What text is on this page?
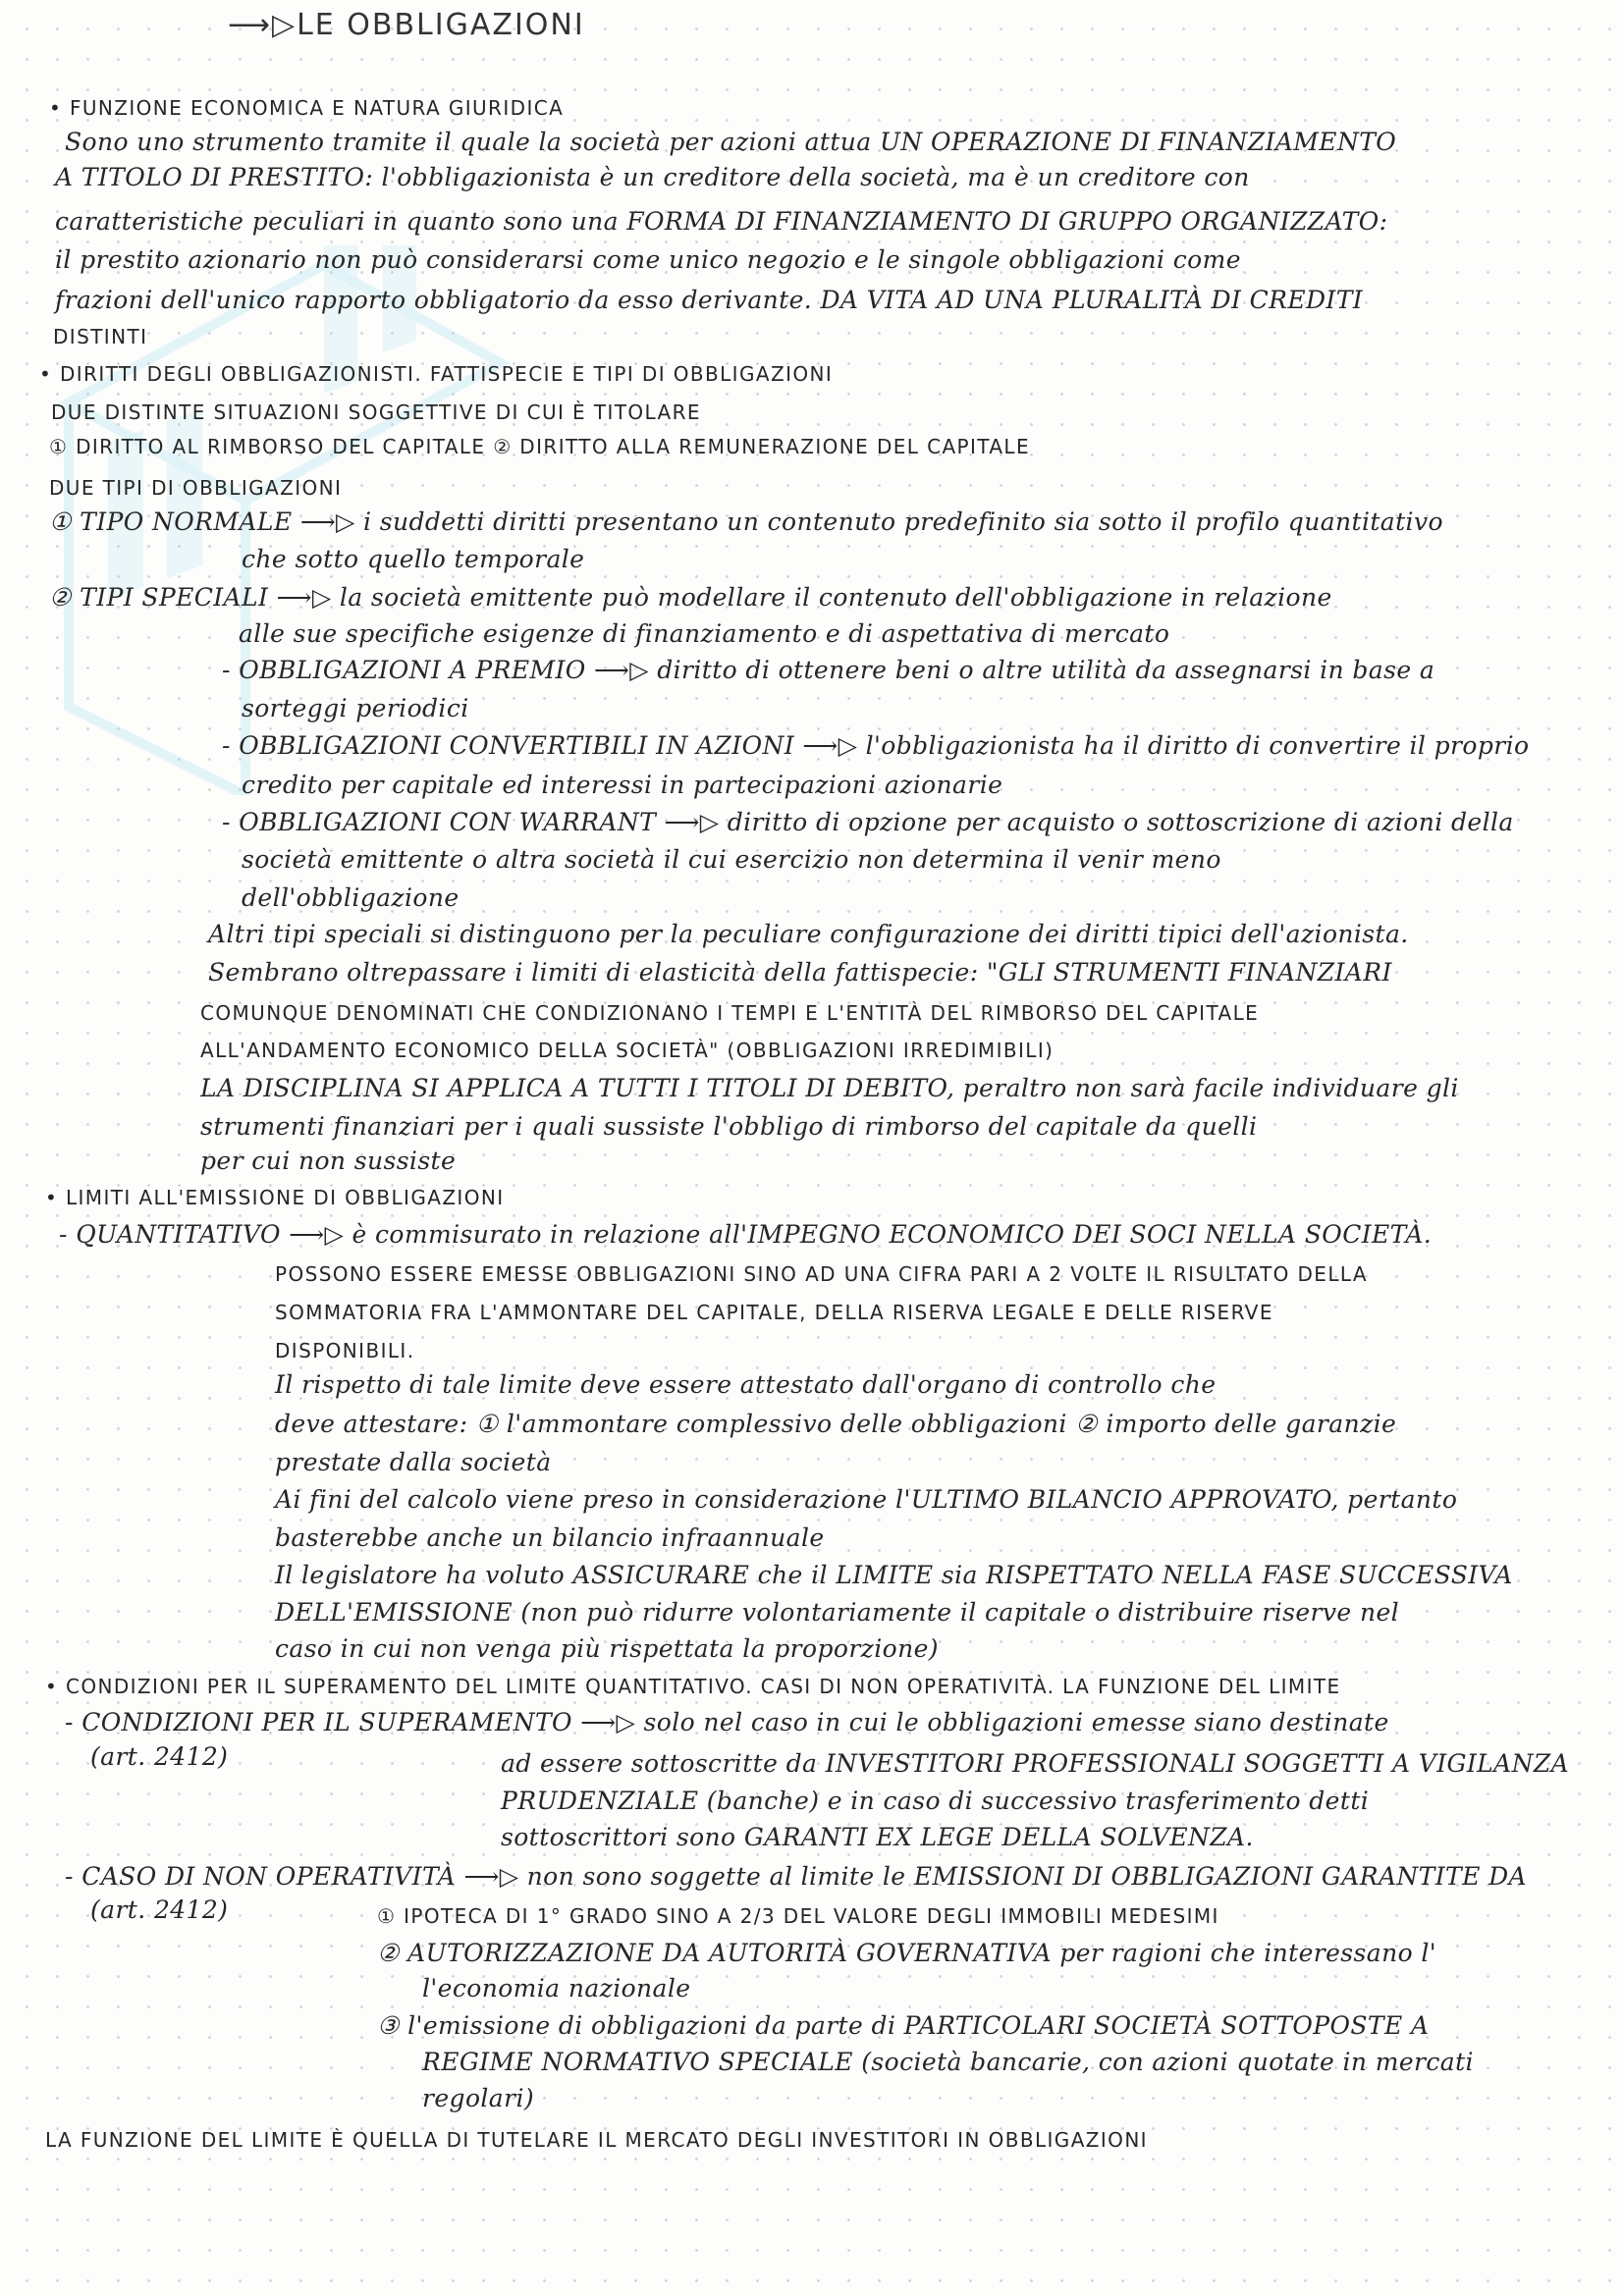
⟶▷LE OBBLIGAZIONI
• FUNZIONE ECONOMICA E NATURA GIURIDICA
Sono uno strumento tramite il quale la società per azioni attua UN OPERAZIONE DI FINANZIAMENTO
A TITOLO DI PRESTITO: l'obbligazionista è un creditore della società, ma è un creditore con
caratteristiche peculiari in quanto sono una FORMA DI FINANZIAMENTO DI GRUPPO ORGANIZZATO:
il prestito azionario non può considerarsi come unico negozio e le singole obbligazioni come
frazioni dell'unico rapporto obbligatorio da esso derivante. DA VITA AD UNA PLURALITÀ DI CREDITI
DISTINTI
• DIRITTI DEGLI OBBLIGAZIONISTI. FATTISPECIE E TIPI DI OBBLIGAZIONI
DUE DISTINTE SITUAZIONI SOGGETTIVE DI CUI È TITOLARE
① DIRITTO AL RIMBORSO DEL CAPITALE ② DIRITTO ALLA REMUNERAZIONE DEL CAPITALE
DUE TIPI DI OBBLIGAZIONI
① TIPO NORMALE ⟶▷ i suddetti diritti presentano un contenuto predefinito sia sotto il profilo quantitativo
che sotto quello temporale
② TIPI SPECIALI ⟶▷ la società emittente può modellare il contenuto dell'obbligazione in relazione
alle sue specifiche esigenze di finanziamento e di aspettativa di mercato
- OBBLIGAZIONI A PREMIO ⟶▷ diritto di ottenere beni o altre utilità da assegnarsi in base a
sorteggi periodici
- OBBLIGAZIONI CONVERTIBILI IN AZIONI ⟶▷ l'obbligazionista ha il diritto di convertire il proprio
credito per capitale ed interessi in partecipazioni azionarie
- OBBLIGAZIONI CON WARRANT ⟶▷ diritto di opzione per acquisto o sottoscrizione di azioni della
società emittente o altra società il cui esercizio non determina il venir meno
dell'obbligazione
Altri tipi speciali si distinguono per la peculiare configurazione dei diritti tipici dell'azionista.
Sembrano oltrepassare i limiti di elasticità della fattispecie: "GLI STRUMENTI FINANZIARI
COMUNQUE DENOMINATI CHE CONDIZIONANO I TEMPI E L'ENTITÀ DEL RIMBORSO DEL CAPITALE
ALL'ANDAMENTO ECONOMICO DELLA SOCIETÀ" (OBBLIGAZIONI IRREDIMIBILI)
LA DISCIPLINA SI APPLICA A TUTTI I TITOLI DI DEBITO, peraltro non sarà facile individuare gli
strumenti finanziari per i quali sussiste l'obbligo di rimborso del capitale da quelli
per cui non sussiste
• LIMITI ALL'EMISSIONE DI OBBLIGAZIONI
- QUANTITATIVO ⟶▷ è commisurato in relazione all'IMPEGNO ECONOMICO DEI SOCI NELLA SOCIETÀ.
POSSONO ESSERE EMESSE OBBLIGAZIONI SINO AD UNA CIFRA PARI A 2 VOLTE IL RISULTATO DELLA
SOMMATORIA FRA L'AMMONTARE DEL CAPITALE, DELLA RISERVA LEGALE E DELLE RISERVE
DISPONIBILI.
Il rispetto di tale limite deve essere attestato dall'organo di controllo che
deve attestare: ① l'ammontare complessivo delle obbligazioni ② importo delle garanzie
prestate dalla società
Ai fini del calcolo viene preso in considerazione l'ULTIMO BILANCIO APPROVATO, pertanto
basterebbe anche un bilancio infraannuale
Il legislatore ha voluto ASSICURARE che il LIMITE sia RISPETTATO NELLA FASE SUCCESSIVA
DELL'EMISSIONE (non può ridurre volontariamente il capitale o distribuire riserve nel
caso in cui non venga più rispettata la proporzione)
• CONDIZIONI PER IL SUPERAMENTO DEL LIMITE QUANTITATIVO. CASI DI NON OPERATIVITÀ. LA FUNZIONE DEL LIMITE
- CONDIZIONI PER IL SUPERAMENTO ⟶▷ solo nel caso in cui le obbligazioni emesse siano destinate
(art. 2412)	ad essere sottoscritte da INVESTITORI PROFESSIONALI SOGGETTI A VIGILANZA
PRUDENZIALE (banche) e in caso di successivo trasferimento detti
sottoscrittori sono GARANTI EX LEGE DELLA SOLVENZA.
- CASO DI NON OPERATIVITÀ ⟶▷ non sono soggette al limite le EMISSIONI DI OBBLIGAZIONI GARANTITE DA
(art. 2412)	① IPOTECA DI 1° GRADO SINO A 2/3 DEL VALORE DEGLI IMMOBILI MEDESIMI
② AUTORIZZAZIONE DA AUTORITÀ GOVERNATIVA per ragioni che interessano l'
l'economia nazionale
③ l'emissione di obbligazioni da parte di PARTICOLARI SOCIETÀ SOTTOPOSTE A
REGIME NORMATIVO SPECIALE (società bancarie, con azioni quotate in mercati
regolari)
LA FUNZIONE DEL LIMITE È QUELLA DI TUTELARE IL MERCATO DEGLI INVESTITORI IN OBBLIGAZIONI
